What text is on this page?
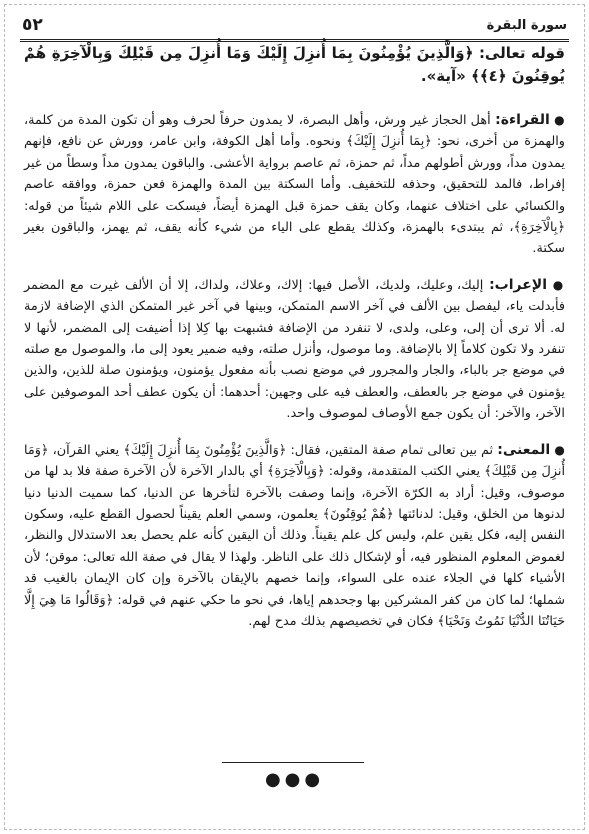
٥٢	سورة البقرة
قوله تعالى: ﴿وَالَّذِينَ يُؤْمِنُونَ بِمَا أُنزِلَ إِلَيْكَ وَمَا أُنزِلَ مِن قَبْلِكَ وَبِالْآخِرَةِ هُمْ يُوقِنُونَ ﴿٤﴾﴾ «آية».
● القراءة: أهل الحجاز غير ورش، وأهل البصرة، لا يمدون حرفاً لحرف وهو أن تكون المدة من كلمة، والهمزة من أخرى، نحو: ﴿بِمَا أُنزِلَ إِلَيْكَ﴾ ونحوه. وأما أهل الكوفة، وابن عامر، وورش عن نافع، فإنهم يمدون مداً، وورش أطولهم مداً، ثم حمزة، ثم عاصم برواية الأعشى. والباقون يمدون مداً وسطاً من غير إفراط، فالمد للتحقيق، وحذفه للتخفيف. وأما السكتة بين المدة والهمزة فعن حمزة، ووافقه عاصم والكسائي على اختلاف عنهما، وكان يقف حمزة قبل الهمزة أيضاً، فيسكت على اللام شيئاً من قوله: ﴿بِالْآخِرَةِ﴾، ثم يبتدىء بالهمزة، وكذلك يقطع على الياء من شيء كأنه يقف، ثم يهمز، والباقون بغير سكتة.
● الإعراب: إليك، وعليك، ولديك، الأصل فيها: إلاك، وعلاك، ولداك، إلا أن الألف غيرت مع المضمر فأبدلت ياء، ليفصل بين الألف في آخر الاسم المتمكن، وبينها في آخر غير المتمكن الذي الإضافة لازمة له. ألا ترى أن إلى، وعلى، ولدى، لا تنفرد من الإضافة فشبهت بها كِلا إذا أضيفت إلى المضمر، لأنها لا تنفرد ولا تكون كلاماً إلا بالإضافة. وما موصول، وأنزل صلته، وفيه ضمير يعود إلى ما، والموصول مع صلته في موضع جر بالباء، والجار والمجرور في موضع نصب بأنه مفعول يؤمنون، ويؤمنون صلة للذين، والذين يؤمنون في موضع جر بالعطف، والعطف فيه على وجهين: أحدهما: أن يكون عطف أحد الموصوفين على الآخر، والآخر: أن يكون جمع الأوصاف لموصوف واحد.
● المعنى: ثم بين تعالى تمام صفة المتقين، فقال: ﴿وَالَّذِينَ يُؤْمِنُونَ بِمَا أُنزِلَ إِلَيْكَ﴾ يعني القرآن، ﴿وَمَا أُنزِلَ مِن قَبْلِكَ﴾ يعني الكتب المتقدمة، وقوله: ﴿وَبِالْآخِرَةِ﴾ أي بالدار الآخرة لأن الآخرة صفة فلا بد لها من موصوف، وقيل: أراد به الكرّة الآخرة، وإنما وصفت بالآخرة لتأخرها عن الدنيا، كما سميت الدنيا دنيا لدنوها من الخلق، وقيل: لدنائتها ﴿هُمْ يُوقِنُونَ﴾ يعلمون، وسمي العلم يقيناً لحصول القطع عليه، وسكون النفس إليه، فكل يقين علم، وليس كل علم يقيناً. وذلك أن اليقين كأنه علم يحصل بعد الاستدلال والنظر، لغموض المعلوم المنظور فيه، أو لإشكال ذلك على الناظر. ولهذا لا يقال في صفة الله تعالى: موقن؛ لأن الأشياء كلها في الجلاء عنده على السواء، وإنما خصهم بالإيقان بالآخرة وإن كان الإيمان بالغيب قد شملها؛ لما كان من كفر المشركين بها وجحدهم إياها، في نحو ما حكي عنهم في قوله: ﴿وَقَالُوا مَا هِيَ إِلَّا حَيَاتُنَا الدُّنْيَا نَمُوتُ وَنَحْيَا﴾ فكان في تخصيصهم بذلك مدح لهم.
●●●
